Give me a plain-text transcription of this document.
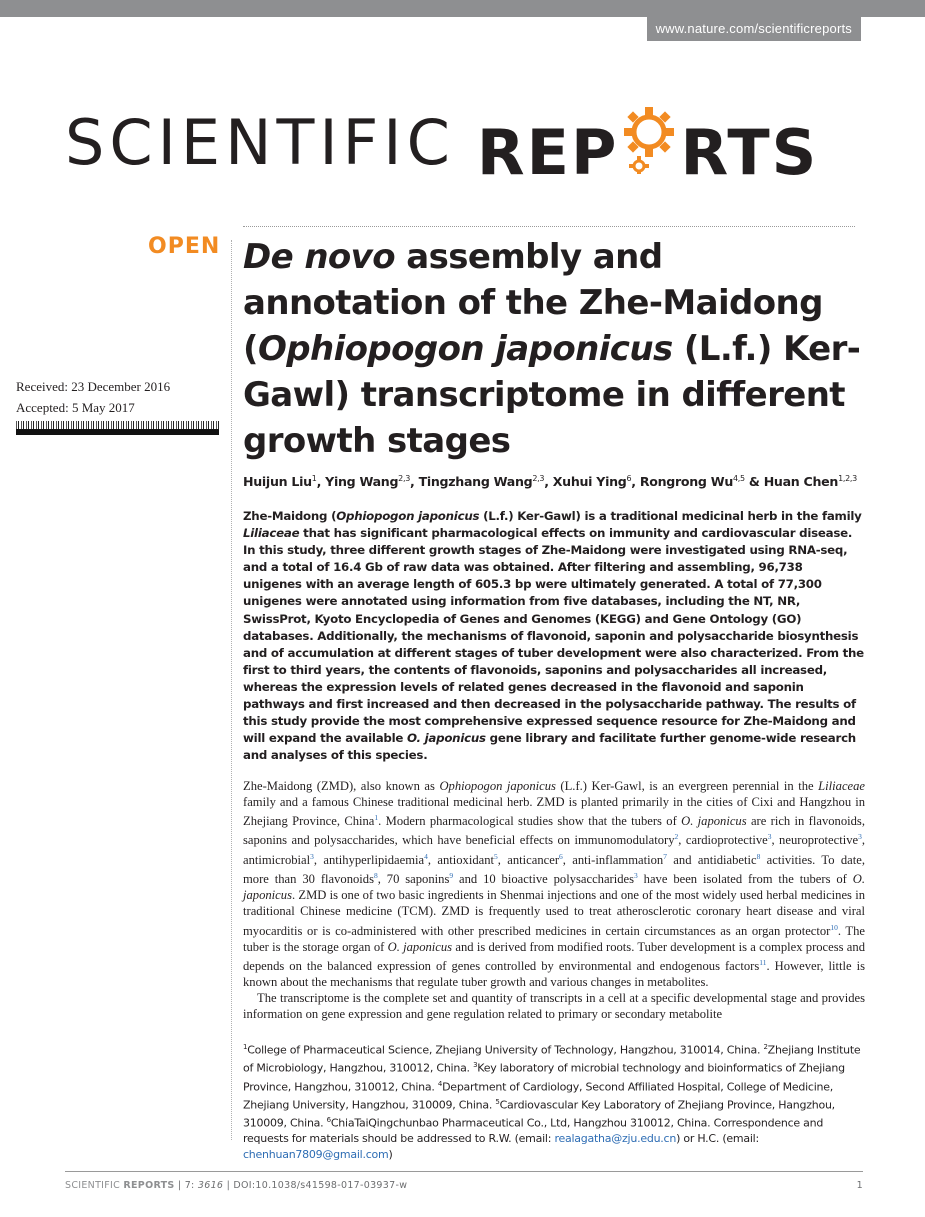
www.nature.com/scientificreports
SCIENTIFIC REP RTS
OPEN
Received: 23 December 2016
Accepted: 5 May 2017
De novo assembly and annotation of the Zhe-Maidong (Ophiopogon japonicus (L.f.) Ker-Gawl) transcriptome in different growth stages
Huijun Liu$^1$, Ying Wang$^{2,3}$, Tingzhang Wang$^{2,3}$, Xuhui Ying$^6$, Rongrong Wu$^{4,5}$ & Huan Chen$^{1,2,3}$
Zhe-Maidong (Ophiopogon japonicus (L.f.) Ker-Gawl) is a traditional medicinal herb in the family Liliaceae that has significant pharmacological effects on immunity and cardiovascular disease. In this study, three different growth stages of Zhe-Maidong were investigated using RNA-seq, and a total of 16.4 Gb of raw data was obtained. After filtering and assembling, 96,738 unigenes with an average length of 605.3 bp were ultimately generated. A total of 77,300 unigenes were annotated using information from five databases, including the NT, NR, SwissProt, Kyoto Encyclopedia of Genes and Genomes (KEGG) and Gene Ontology (GO) databases. Additionally, the mechanisms of flavonoid, saponin and polysaccharide biosynthesis and of accumulation at different stages of tuber development were also characterized. From the first to third years, the contents of flavonoids, saponins and polysaccharides all increased, whereas the expression levels of related genes decreased in the flavonoid and saponin pathways and first increased and then decreased in the polysaccharide pathway. The results of this study provide the most comprehensive expressed sequence resource for Zhe-Maidong and will expand the available O. japonicus gene library and facilitate further genome-wide research and analyses of this species.

Zhe-Maidong (ZMD), also known as Ophiopogon japonicus (L.f.) Ker-Gawl, is an evergreen perennial in the Liliaceae family and a famous Chinese traditional medicinal herb. ZMD is planted primarily in the cities of Cixi and Hangzhou in Zhejiang Province, China$^1$. Modern pharmacological studies show that the tubers of O. japonicus are rich in flavonoids, saponins and polysaccharides, which have beneficial effects on immunomodulatory$^2$, cardioprotective$^3$, neuroprotective$^3$, antimicrobial$^3$, antihyperlipidaemia$^4$, antioxidant$^5$, anticancer$^6$, anti-inflammation$^7$ and antidiabetic$^8$ activities. To date, more than 30 flavonoids$^8$, 70 saponins$^9$ and 10 bioactive polysaccharides$^3$ have been isolated from the tubers of O. japonicus. ZMD is one of two basic ingredients in Shenmai injections and one of the most widely used herbal medicines in traditional Chinese medicine (TCM). ZMD is frequently used to treat atherosclerotic coronary heart disease and viral myocarditis or is co-administered with other prescribed medicines in certain circumstances as an organ protector$^{10}$. The tuber is the storage organ of O. japonicus and is derived from modified roots. Tuber development is a complex process and depends on the balanced expression of genes controlled by environmental and endogenous factors$^{11}$. However, little is known about the mechanisms that regulate tuber growth and various changes in metabolites.

The transcriptome is the complete set and quantity of transcripts in a cell at a specific developmental stage and provides information on gene expression and gene regulation related to primary or secondary metabolite

$^1$College of Pharmaceutical Science, Zhejiang University of Technology, Hangzhou, 310014, China. $^2$Zhejiang Institute of Microbiology, Hangzhou, 310012, China. $^3$Key laboratory of microbial technology and bioinformatics of Zhejiang Province, Hangzhou, 310012, China. $^4$Department of Cardiology, Second Affiliated Hospital, College of Medicine, Zhejiang University, Hangzhou, 310009, China. $^5$Cardiovascular Key Laboratory of Zhejiang Province, Hangzhou, 310009, China. $^6$ChiaTaiQingchunbao Pharmaceutical Co., Ltd, Hangzhou 310012, China. Correspondence and requests for materials should be addressed to R.W. (email: realagatha@zju.edu.cn) or H.C. (email: chenhuan7809@gmail.com)
SCIENTIFIC REPORTS | 7: 3616 | DOI:10.1038/s41598-017-03937-w	1
